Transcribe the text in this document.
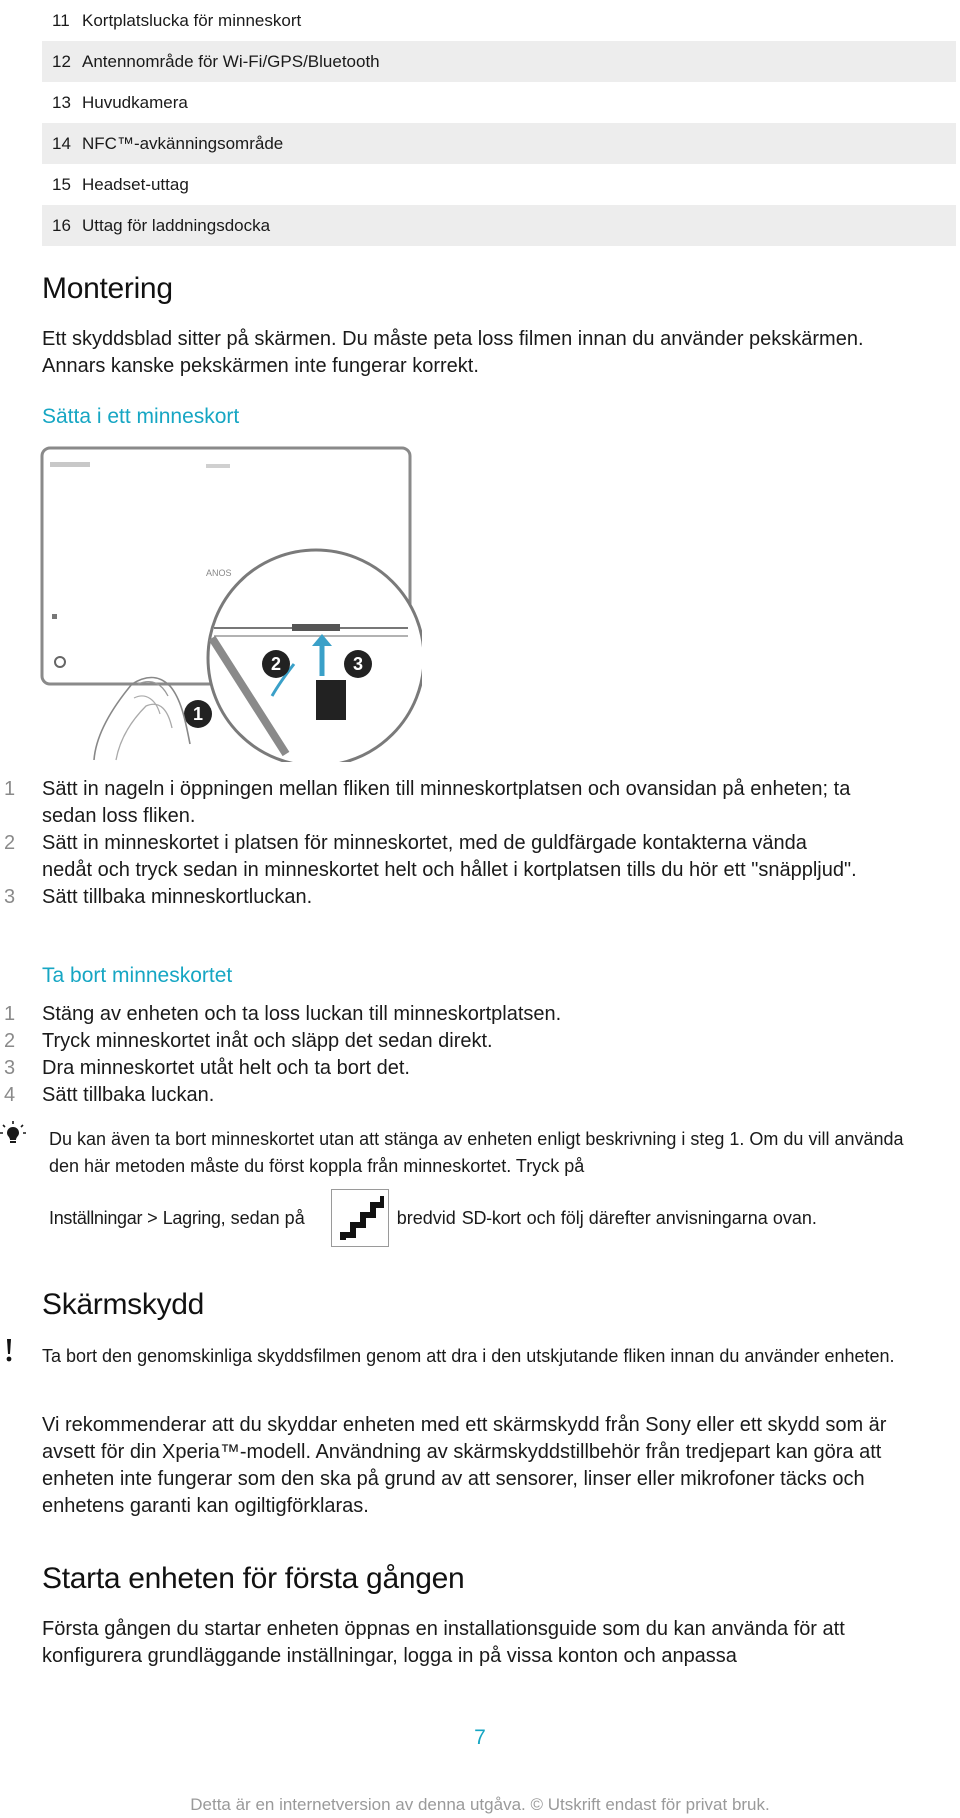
11 Kortplatslucka för minneskort
12 Antennområde för Wi-Fi/GPS/Bluetooth
13 Huvudkamera
14 NFC™-avkänningsområde
15 Headset-uttag
16 Uttag för laddningsdocka
Montering

Ett skyddsblad sitter på skärmen. Du måste peta loss filmen innan du använder pekskärmen. Annars kanske pekskärmen inte fungerar korrekt.

Sätta i ett minneskort
ANOS
2	3
1
1	Sätt in nageln i öppningen mellan fliken till minneskortplatsen och ovansidan på enheten; ta sedan loss fliken.
2	Sätt in minneskortet i platsen för minneskortet, med de guldfärgade kontakterna vända nedåt och tryck sedan in minneskortet helt och hållet i kortplatsen tills du hör ett "snäppljud".
3	Sätt tillbaka minneskortluckan.
Ta bort minneskortet
1	Stäng av enheten och ta loss luckan till minneskortplatsen.
2	Tryck minneskortet inåt och släpp det sedan direkt.
3	Dra minneskortet utåt helt och ta bort det.
4	Sätt tillbaka luckan.

Du kan även ta bort minneskortet utan att stänga av enheten enligt beskrivning i steg 1. Om du vill använda den här metoden måste du först koppla från minneskortet. Tryck på

Inställningar > Lagring , sedan på	bredvid SD-kort och följ därefter anvisningarna ovan.
Skärmskydd

Ta bort den genomskinliga skyddsfilmen genom att dra i den utskjutande fliken innan du använder enheten.

Vi rekommenderar att du skyddar enheten med ett skärmskydd från Sony eller ett skydd som är avsett för din Xperia™-modell. Användning av skärmskyddstillbehör från tredjepart kan göra att enheten inte fungerar som den ska på grund av att sensorer, linser eller mikrofoner täcks och enhetens garanti kan ogiltigförklaras.

Starta enheten för första gången

Första gången du startar enheten öppnas en installationsguide som du kan använda för att konfigurera grundläggande inställningar, logga in på vissa konton och anpassa

7
Detta är en internetversion av denna utgåva. © Utskrift endast för privat bruk.
